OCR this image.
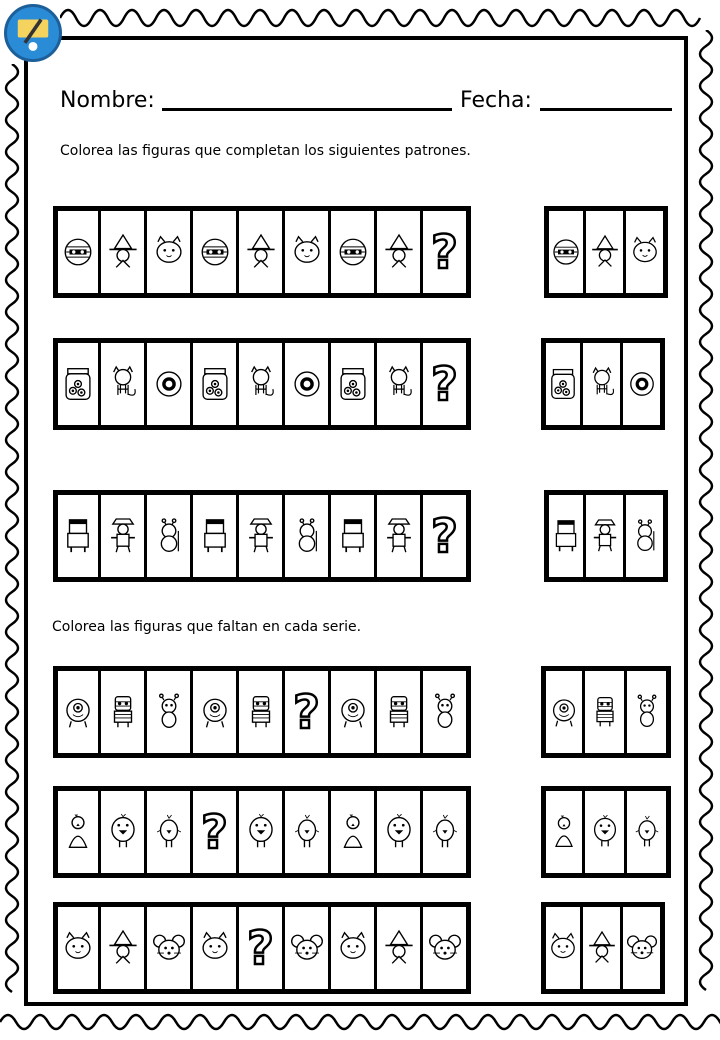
Nombre:	Fecha:
Colorea las figuras que completan los siguientes patrones.
Colorea las figuras que faltan en cada serie.
?
?
?
?
?
?
